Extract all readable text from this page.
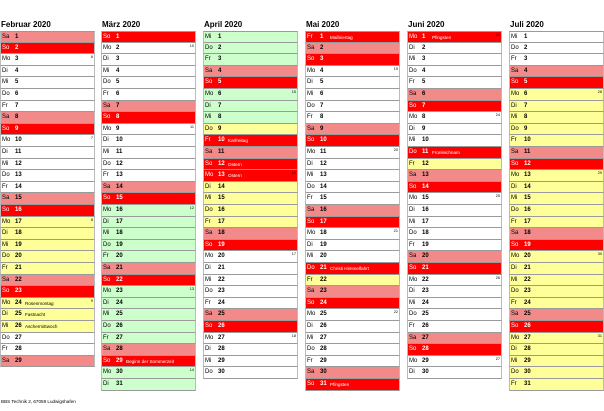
Februar 2020
Sa 1
So 2
Mo 3	6
Di	4
Mi	5
Do 6
Fr	7
Sa 8
So 9
Mo 10	7
Di	11
Mi	12
Do 13
Fr	14
Sa 15
So 16
Mo 17	8
Di	18
Mi	19
Do 20
Fr	21
Sa 22
So 23
Mo 24 Rosenmontag	9
Di	25 Fastnacht
Mi	26 Aschermittwoch
Do 27
Fr	28
Sa 29
März 2020
So 1
Mo 2	10
Di	3
Mi	4
Do 5
Fr	6
Sa 7
So 8
Mo 9	11
Di	10
Mi	11
Do 12
Fr	13
Sa 14
So 15
Mo 16	12
Di	17
Mi	18
Do 19
Fr	20
Sa 21
So 22
Mo 23	13
Di	24
Mi	25
Do 26
Fr	27
Sa 28
So 29 Beginn der Sommerzeit
Mo 30	14
Di	31
April 2020
Mi	1
Do 2
Fr	3
Sa 4
So 5
Mo 6	15
Di	7
Mi	8
Do 9
Fr	10 Karfreitag
Sa 11
So 12 Ostern
Mo 13 Ostern	16
Di	14
Mi	15
Do 16
Fr	17
Sa 18
So 19
Mo 20	17
Di	21
Mi	22
Do 23
Fr	24
Sa 25
So 26
Mo 27	18
Di	28
Mi	29
Do 30
Mai 2020
Fr	1	Maifeiertag
Sa 2
So 3
Mo 4	19
Di	5
Mi	6
Do 7
Fr	8
Sa 9
So 10
Mo 11	20
Di	12
Mi	13
Do 14
Fr	15
Sa 16
So 17
Mo 18	21
Di	19
Mi	20
Do 21 Christi Himmelfahrt
Fr	22
Sa 23
So 24
Mo 25	22
Di	26
Mi	27
Do 28
Fr	29
Sa 30
So 31 Pfingsten
Juni 2020
Mo 1	Pfingsten	23
Di	2
Mi	3
Do 4
Fr	5
Sa 6
So 7
Mo 8	24
Di	9
Mi	10
Do 11 Fronleichnam
Fr	12
Sa 13
So 14
Mo 15	25
Di	16
Mi	17
Do 18
Fr	19
Sa 20
So 21
Mo 22	26
Di	23
Mi	24
Do 25
Fr	26
Sa 27
So 28
Mo 29	27
Di	30
Juli 2020
Mi	1
Do 2
Fr	3
Sa 4
So 5
Mo 6	28
Di	7
Mi	8
Do 9
Fr	10
Sa 11
So 12
Mo 13	29
Di	14
Mi	15
Do 16
Fr	17
Sa 18
So 19
Mo 20	30
Di	21
Mi	22
Do 23
Fr	24
Sa 25
So 26
Mo 27	31
Di	28
Mi	29
Do 30
Fr	31
BBS Technik 2, 67059 Ludwigshafen
